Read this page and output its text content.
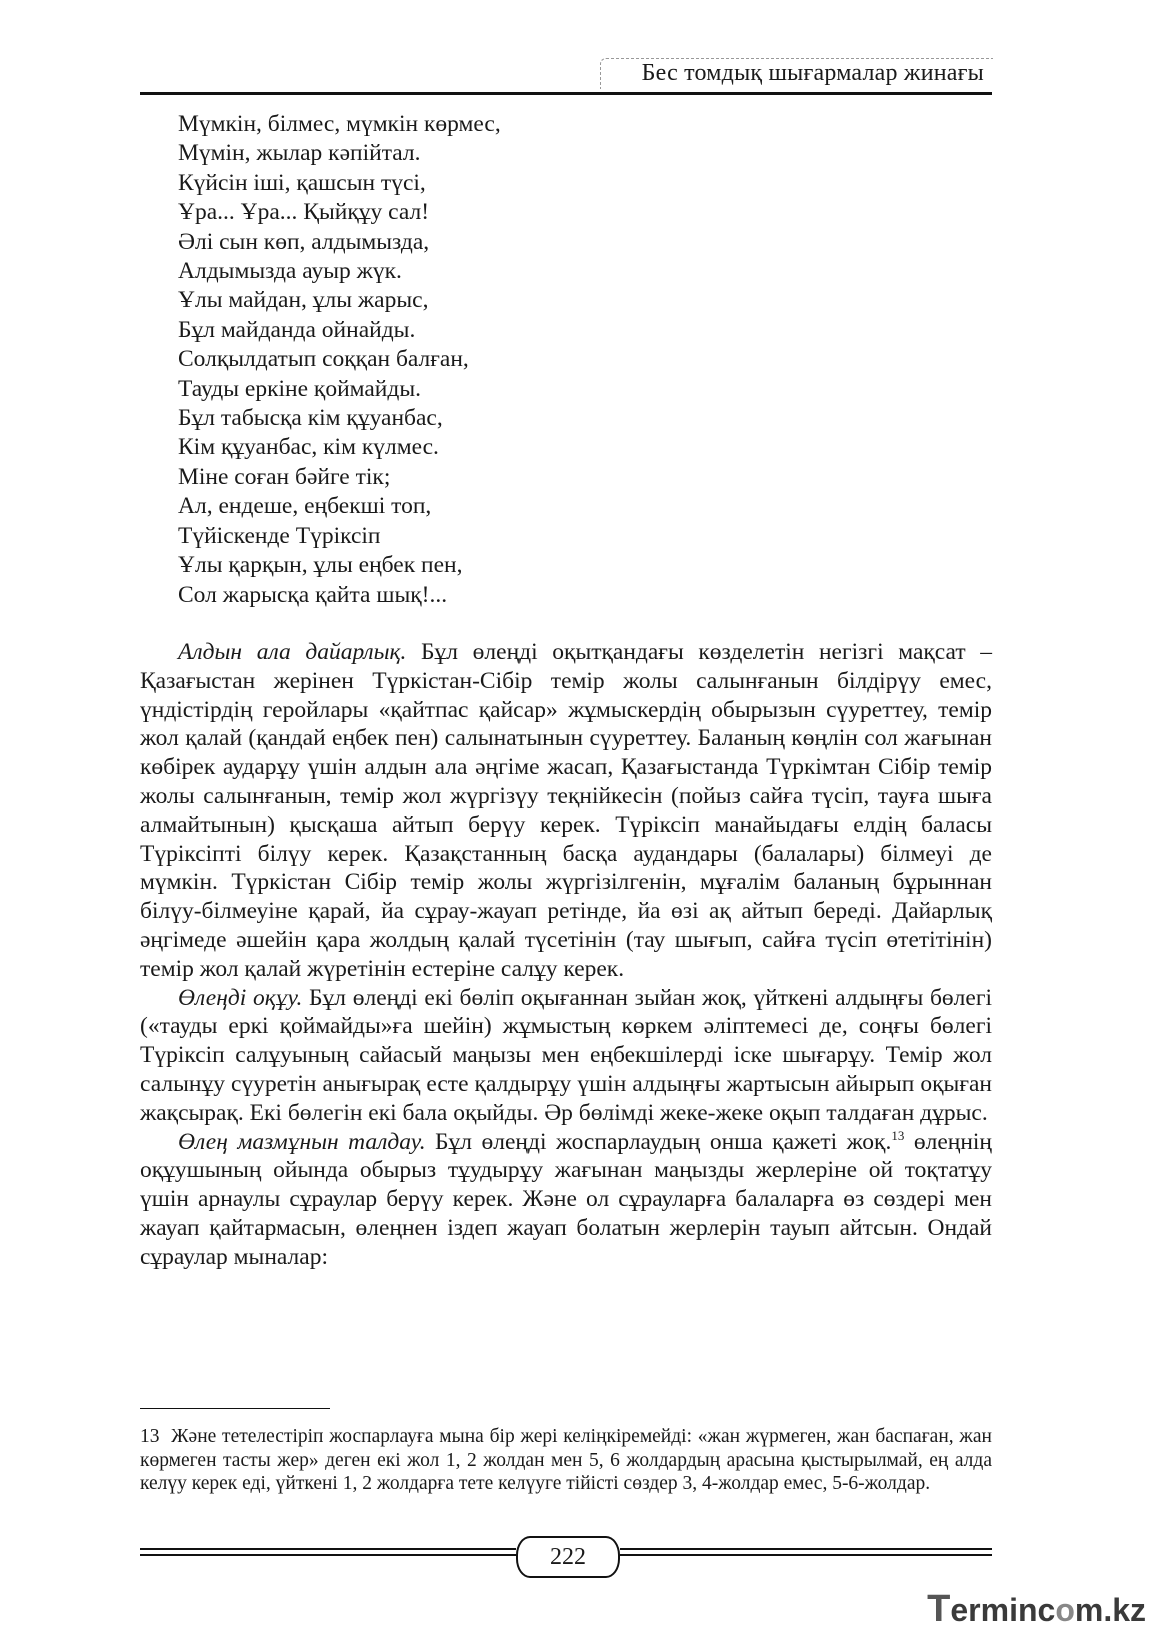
Бес томдық шығармалар жинағы
Мүмкін, білмес, мүмкін көрмес,
Мүмін, жылар кәпійтал.
Күйсін іші, қашсын түсі,
Ұра... Ұра... Қыйқұу сал!
Әлі сын көп, алдымызда,
Алдымызда ауыр жүк.
Ұлы майдан, ұлы жарыс,
Бұл майданда ойнайды.
Солқылдатып соққан балған,
Тауды еркіне қоймайды.
Бұл табысқа кім құуанбас,
Кім құуанбас, кім күлмес.
Міне соған бәйге тік;
Ал, ендеше, еңбекші топ,
Түйіскенде Түріксіп
Ұлы қарқын, ұлы еңбек пен,
Сол жарысқа қайта шық!...

Алдын ала дайарлық. Бұл өлеңді оқытқандағы көзделетін негізгі мақсат – Қазағыстан жерінен Түркістан-Сібір темір жолы салынғанын білдірүу емес, үндістірдің геройлары «қайтпас қайсар» жұмыскердің обырызын сүуреттеу, темір жол қалай (қандай еңбек пен) салынатынын сүуреттеу. Баланың көңлін сол жағынан көбірек аударұу үшін алдын ала әңгіме жасап, Қазағыстанда Түркімтан Сібір темір жолы салынғанын, темір жол жүргізүу теқнійкесін (пойыз сайға түсіп, тауға шыға алмайтынын) қысқаша айтып берүу керек. Түріксіп манайыдағы елдің баласы Түріксіпті білүу керек. Қазақстанның басқа аудандары (балалары) білмеуі де мүмкін. Түркістан Сібір темір жолы жүргізілгенін, мұғалім баланың бұрыннан білүу-білмеуіне қарай, йа сұрау-жауап ретінде, йа өзі ақ айтып береді. Дайарлық әңгімеде әшейін қара жолдың қалай түсетінін (тау шығып, сайға түсіп өтетітінін) темір жол қалай жүретінін естеріне салұу керек.

Өлеңді оқұу. Бұл өлеңді екі бөліп оқығаннан зыйан жоқ, үйткені алдыңғы бөлегі («тауды еркі қоймайды»ға шейін) жұмыстың көркем әліптемесі де, соңғы бөлегі Түріксіп салұуының сайасый маңызы мен еңбекшілерді іске шығарұу. Темір жол салынұу сүуретін анығырақ есте қалдырұу үшін алдыңғы жартысын айырып оқыған жақсырақ. Екі бөлегін екі бала оқыйды. Әр бөлімді жеке-жеке оқып талдаған дұрыс.

Өлең мазмұнын талдау. Бұл өлеңді жоспарлаудың онша қажеті жоқ.$^{13}$ өлеңнің оқұушының ойында обырыз тұудырұу жағынан маңызды жерлеріне ой тоқтатұу үшін арнаулы сұраулар берүу керек. Және ол сұрауларға балаларға өз сөздері мен жауап қайтармасын, өлеңнен іздеп жауап болатын жерлерін тауып айтсын. Ондай сұраулар мыналар:

13 Және тетелестіріп жоспарлауға мына бір жері келіңкіремейді: «жан жүрмеген, жан баспаған, жан көрмеген тасты жер» деген екі жол 1, 2 жолдан мен 5, 6 жолдардың арасына қыстырылмай, ең алда келүу керек еді, үйткені 1, 2 жолдарға тете келүуге тійісті сөздер 3, 4-жолдар емес, 5-6-жолдар.
222
Termincom.kz
